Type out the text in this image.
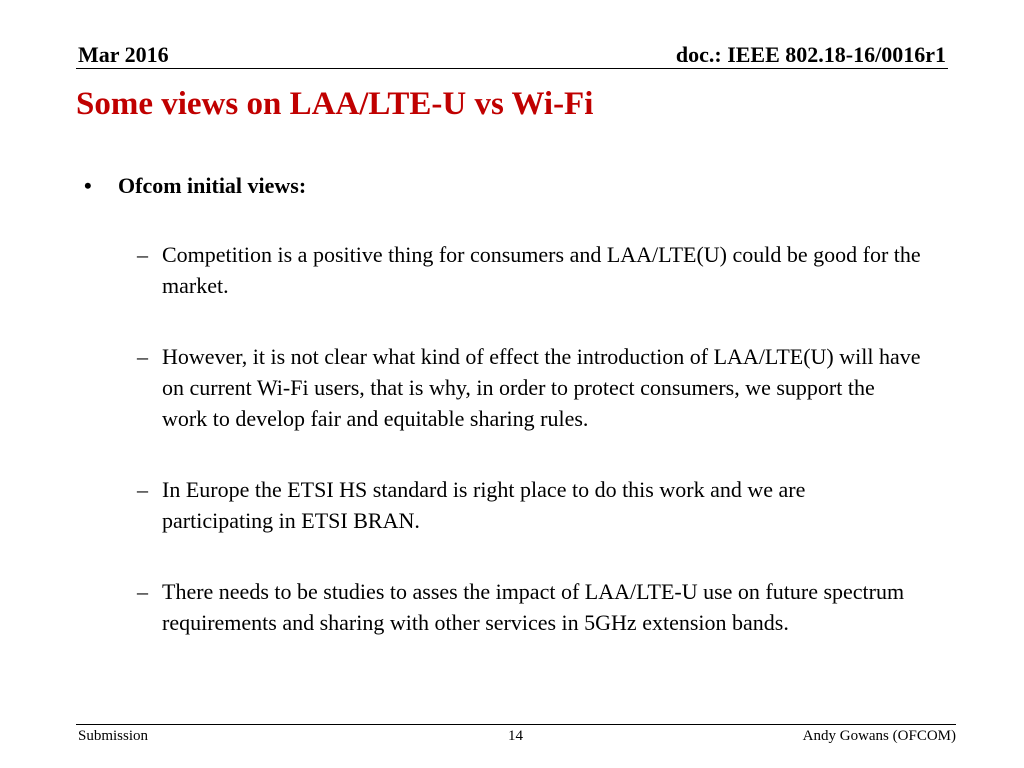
Mar 2016	doc.: IEEE 802.18-16/0016r1
Some views on LAA/LTE-U vs Wi-Fi
•	Ofcom initial views:
– Competition is a positive thing for consumers and LAA/LTE(U) could be good for the market.
– However, it is not clear what kind of effect the introduction of LAA/LTE(U) will have on current Wi-Fi users, that is why, in order to protect consumers, we support the work to develop fair and equitable sharing rules.
– In Europe the ETSI HS standard is right place to do this work and we are participating in ETSI BRAN.
– There needs to be studies to asses the impact of LAA/LTE-U use on future spectrum requirements and sharing with other services in 5GHz extension bands.
Submission	14	Andy Gowans (OFCOM)
